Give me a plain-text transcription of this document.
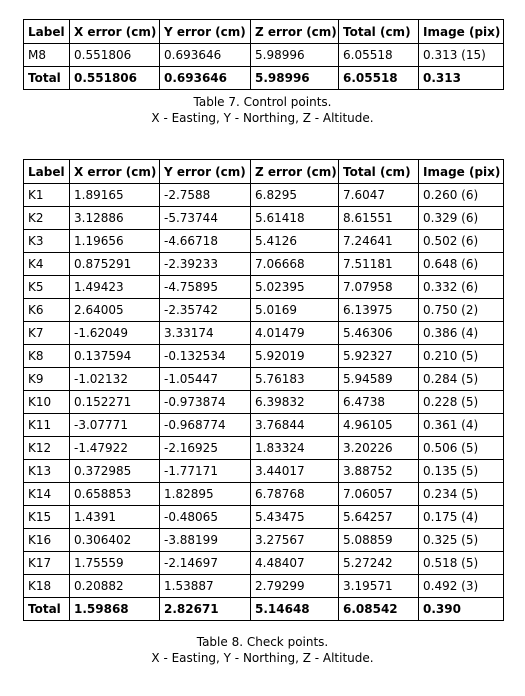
Label	X error (cm)	Y error (cm)	Z error (cm)	Total (cm)	Image (pix)
M8	0.551806	0.693646	5.98996	6.05518	0.313 (15)
Total	0.551806	0.693646	5.98996	6.05518	0.313
Table 7. Control points.
X - Easting, Y - Northing, Z - Altitude.
Label	X error (cm)	Y error (cm)	Z error (cm)	Total (cm)	Image (pix)
K1	1.89165	-2.7588	6.8295	7.6047	0.260 (6)
K2	3.12886	-5.73744	5.61418	8.61551	0.329 (6)
K3	1.19656	-4.66718	5.4126	7.24641	0.502 (6)
K4	0.875291	-2.39233	7.06668	7.51181	0.648 (6)
K5	1.49423	-4.75895	5.02395	7.07958	0.332 (6)
K6	2.64005	-2.35742	5.0169	6.13975	0.750 (2)
K7	-1.62049	3.33174	4.01479	5.46306	0.386 (4)
K8	0.137594	-0.132534	5.92019	5.92327	0.210 (5)
K9	-1.02132	-1.05447	5.76183	5.94589	0.284 (5)
K10	0.152271	-0.973874	6.39832	6.4738	0.228 (5)
K11	-3.07771	-0.968774	3.76844	4.96105	0.361 (4)
K12	-1.47922	-2.16925	1.83324	3.20226	0.506 (5)
K13	0.372985	-1.77171	3.44017	3.88752	0.135 (5)
K14	0.658853	1.82895	6.78768	7.06057	0.234 (5)
K15	1.4391	-0.48065	5.43475	5.64257	0.175 (4)
K16	0.306402	-3.88199	3.27567	5.08859	0.325 (5)
K17	1.75559	-2.14697	4.48407	5.27242	0.518 (5)
K18	0.20882	1.53887	2.79299	3.19571	0.492 (3)
Total	1.59868	2.82671	5.14648	6.08542	0.390
Table 8. Check points.
X - Easting, Y - Northing, Z - Altitude.
